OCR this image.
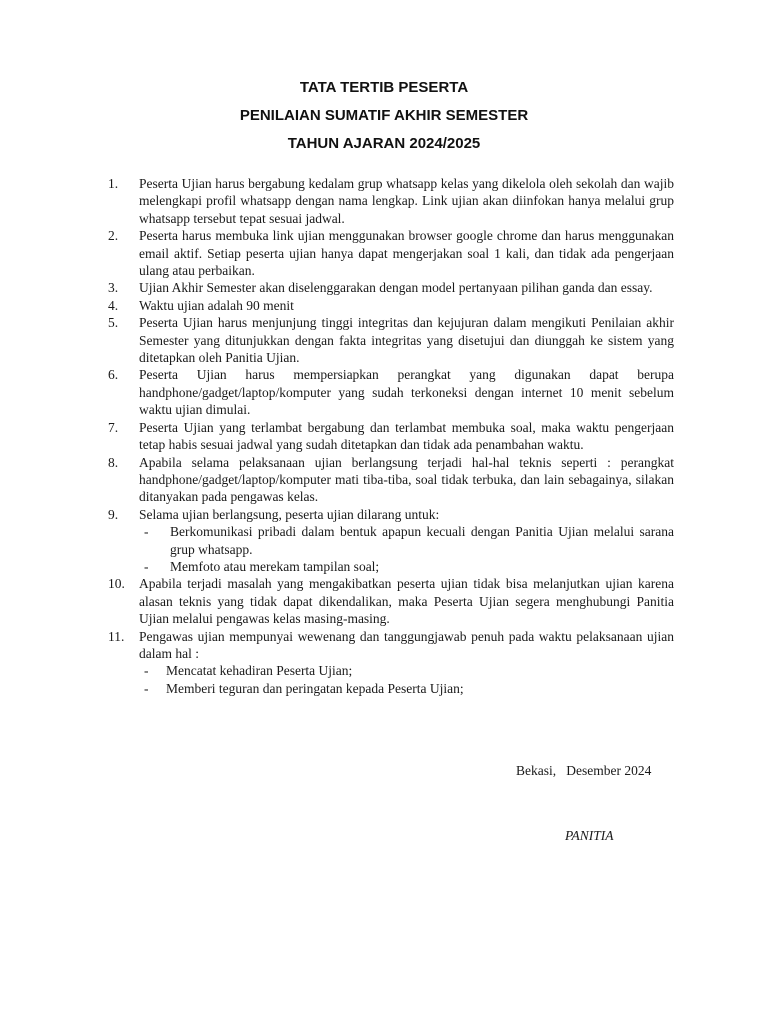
TATA TERTIB PESERTA
PENILAIAN SUMATIF AKHIR SEMESTER
TAHUN AJARAN 2024/2025
1.	Peserta Ujian harus bergabung kedalam grup whatsapp kelas yang dikelola oleh sekolah dan wajib melengkapi profil whatsapp dengan nama lengkap. Link ujian akan diinfokan hanya melalui grup whatsapp tersebut tepat sesuai jadwal.
2.	Peserta harus membuka link ujian menggunakan browser google chrome dan harus menggunakan email aktif. Setiap peserta ujian hanya dapat mengerjakan soal 1 kali, dan tidak ada pengerjaan ulang atau perbaikan.
3.	Ujian Akhir Semester akan diselenggarakan dengan model pertanyaan pilihan ganda dan essay.
4.	Waktu ujian adalah 90 menit
5.	Peserta Ujian harus menjunjung tinggi integritas dan kejujuran dalam mengikuti Penilaian akhir Semester yang ditunjukkan dengan fakta integritas yang disetujui dan diunggah ke sistem yang ditetapkan oleh Panitia Ujian.
6.	Peserta Ujian harus mempersiapkan perangkat yang digunakan dapat berupa handphone/gadget/laptop/komputer yang sudah terkoneksi dengan internet 10 menit sebelum waktu ujian dimulai.
7.	Peserta Ujian yang terlambat bergabung dan terlambat membuka soal, maka waktu pengerjaan tetap habis sesuai jadwal yang sudah ditetapkan dan tidak ada penambahan waktu.
8.	Apabila selama pelaksanaan ujian berlangsung terjadi hal-hal teknis seperti : perangkat
handphone/gadget/laptop/komputer mati tiba-tiba, soal tidak terbuka, dan lain sebagainya, silakan ditanyakan pada pengawas kelas.
9.	Selama ujian berlangsung, peserta ujian dilarang untuk:
-	Berkomunikasi pribadi dalam bentuk apapun kecuali dengan Panitia Ujian melalui sarana grup whatsapp.
-	Memfoto atau merekam tampilan soal;
10.	Apabila terjadi masalah yang mengakibatkan peserta ujian tidak bisa melanjutkan ujian karena alasan teknis yang tidak dapat dikendalikan, maka Peserta Ujian segera menghubungi Panitia Ujian melalui pengawas kelas masing-masing.
11.	Pengawas ujian mempunyai wewenang dan tanggungjawab penuh pada waktu pelaksanaan ujian dalam hal :
-	Mencatat kehadiran Peserta Ujian;
-	Memberi teguran dan peringatan kepada Peserta Ujian;
Bekasi,   Desember 2024
PANITIA
